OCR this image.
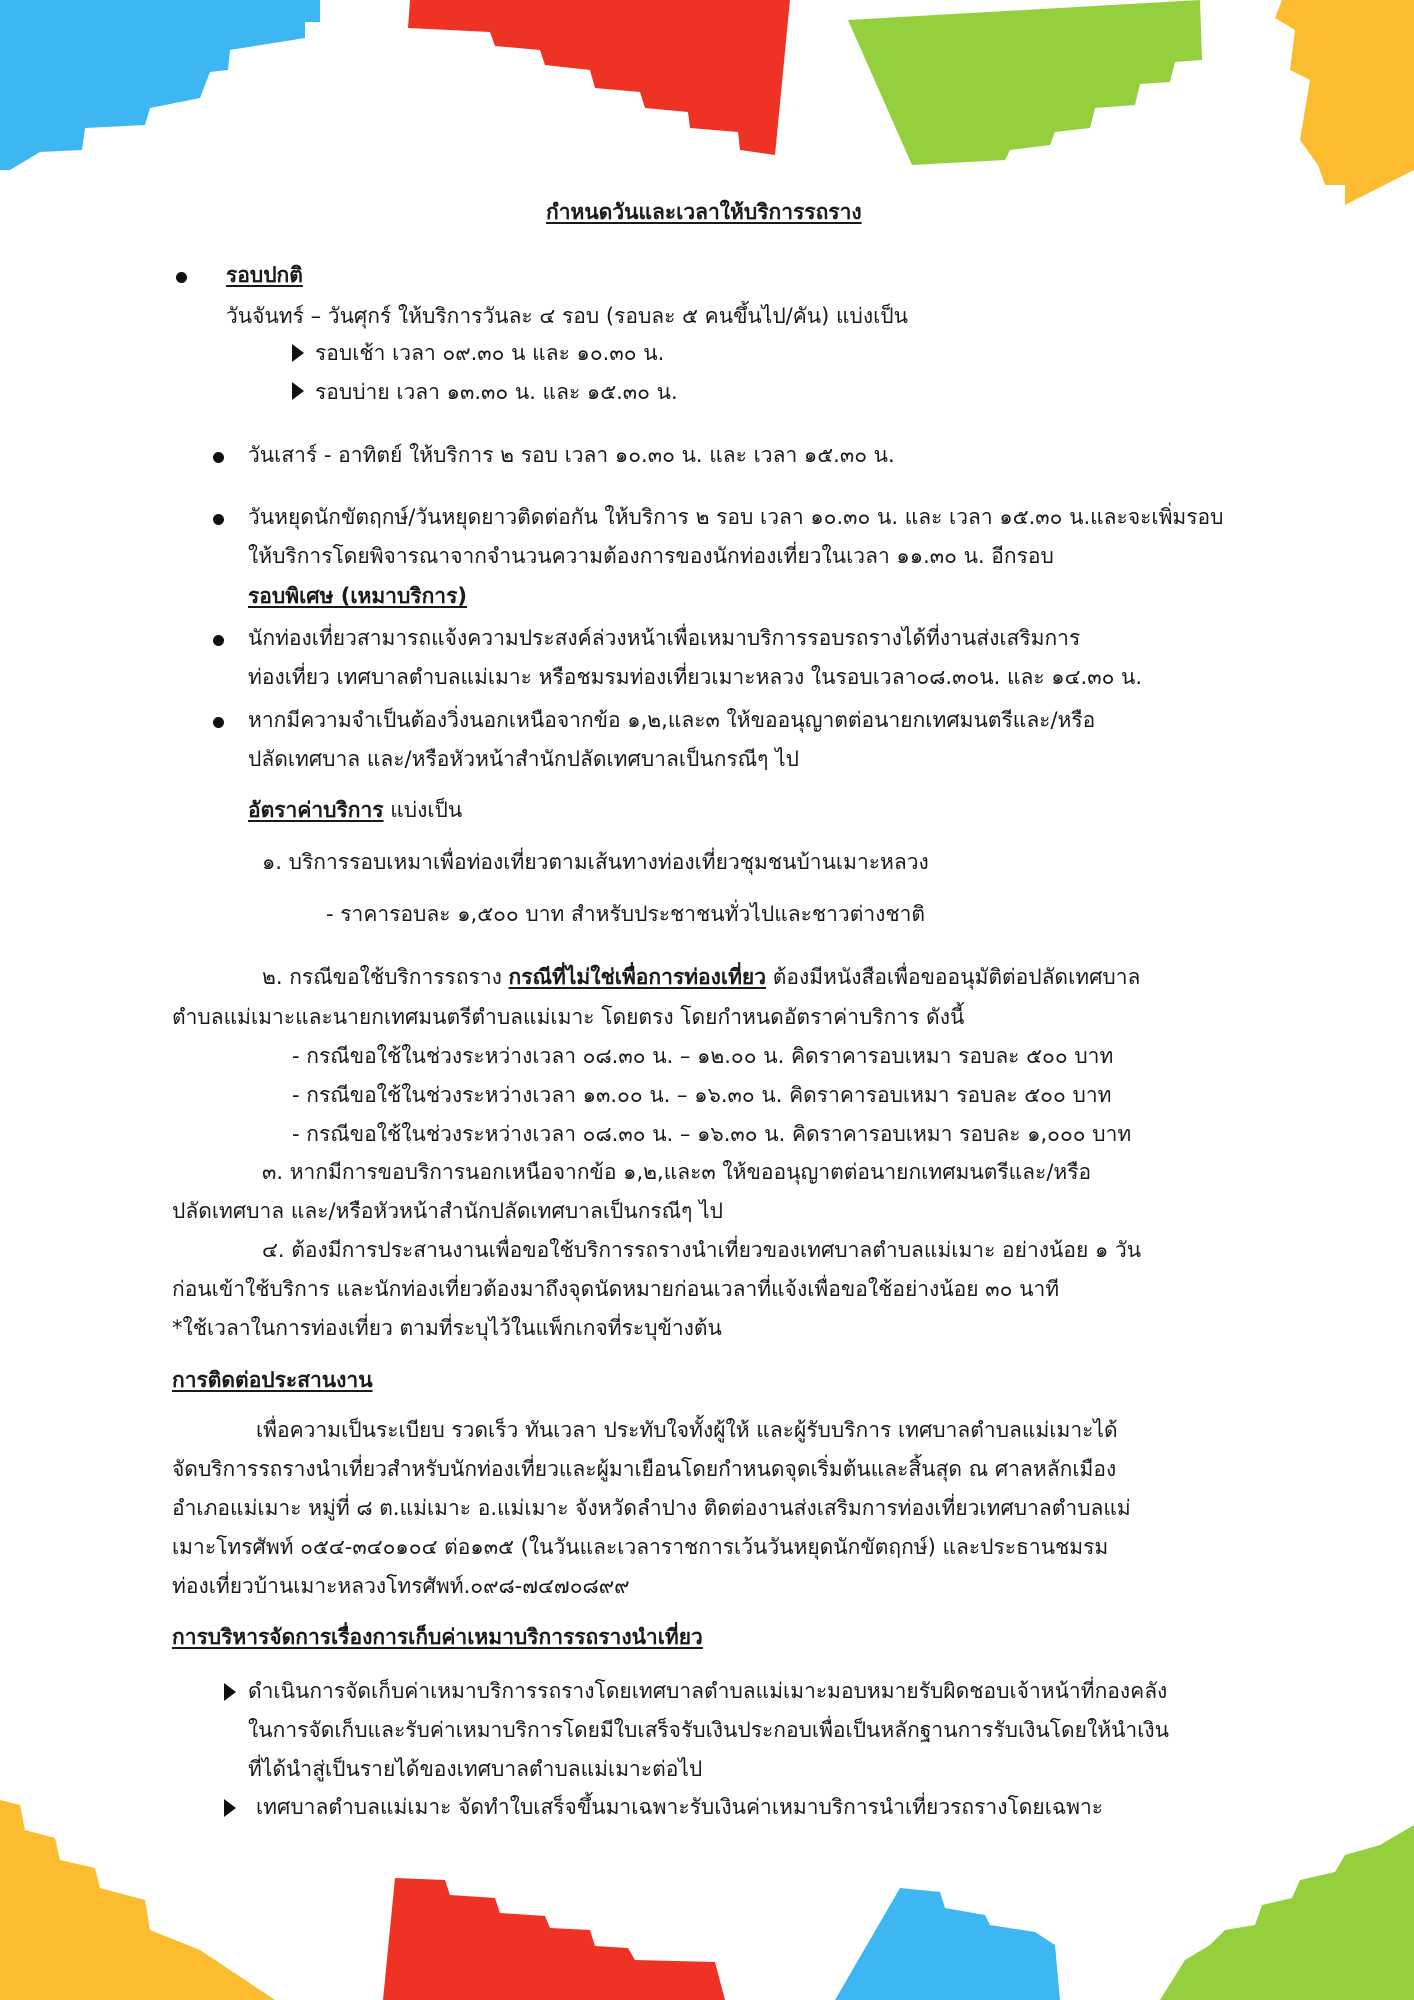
กำหนดวันและเวลาให้บริการรถราง
รอบปกติ
วันจันทร์ – วันศุกร์ ให้บริการวันละ ๔ รอบ (รอบละ ๕ คนขึ้นไป/คัน) แบ่งเป็น
รอบเช้า เวลา ๐๙.๓๐ น และ ๑๐.๓๐ น.
รอบบ่าย เวลา ๑๓.๓๐ น. และ ๑๕.๓๐ น.
วันเสาร์ - อาทิตย์ ให้บริการ ๒ รอบ เวลา ๑๐.๓๐ น. และ เวลา ๑๕.๓๐ น.
วันหยุดนักขัตฤกษ์/วันหยุดยาวติดต่อกัน ให้บริการ ๒ รอบ เวลา ๑๐.๓๐ น. และ เวลา ๑๕.๓๐ น.และจะเพิ่มรอบ
ให้บริการโดยพิจารณาจากจำนวนความต้องการของนักท่องเที่ยวในเวลา ๑๑.๓๐ น. อีกรอบ
รอบพิเศษ (เหมาบริการ)
นักท่องเที่ยวสามารถแจ้งความประสงค์ล่วงหน้าเพื่อเหมาบริการรอบรถรางได้ที่งานส่งเสริมการ
ท่องเที่ยว เทศบาลตำบลแม่เมาะ หรือชมรมท่องเที่ยวเมาะหลวง ในรอบเวลา๐๘.๓๐น. และ ๑๔.๓๐ น.
หากมีความจำเป็นต้องวิ่งนอกเหนือจากข้อ ๑,๒,และ๓ ให้ขออนุญาตต่อนายกเทศมนตรีและ/หรือ
ปลัดเทศบาล และ/หรือหัวหน้าสำนักปลัดเทศบาลเป็นกรณีๆ ไป
อัตราค่าบริการ แบ่งเป็น
๑. บริการรอบเหมาเพื่อท่องเที่ยวตามเส้นทางท่องเที่ยวชุมชนบ้านเมาะหลวง
- ราคารอบละ ๑,๕๐๐ บาท สำหรับประชาชนทั่วไปและชาวต่างชาติ
๒. กรณีขอใช้บริการรถราง กรณีที่ไม่ใช่เพื่อการท่องเที่ยว ต้องมีหนังสือเพื่อขออนุมัติต่อปลัดเทศบาล
ตำบลแม่เมาะและนายกเทศมนตรีตำบลแม่เมาะ โดยตรง โดยกำหนดอัตราค่าบริการ ดังนี้
- กรณีขอใช้ในช่วงระหว่างเวลา ๐๘.๓๐ น. – ๑๒.๐๐ น. คิดราคารอบเหมา รอบละ ๕๐๐ บาท
- กรณีขอใช้ในช่วงระหว่างเวลา ๑๓.๐๐ น. – ๑๖.๓๐ น. คิดราคารอบเหมา รอบละ ๕๐๐ บาท
- กรณีขอใช้ในช่วงระหว่างเวลา ๐๘.๓๐ น. – ๑๖.๓๐ น. คิดราคารอบเหมา รอบละ ๑,๐๐๐ บาท
๓. หากมีการขอบริการนอกเหนือจากข้อ ๑,๒,และ๓ ให้ขออนุญาตต่อนายกเทศมนตรีและ/หรือ
ปลัดเทศบาล และ/หรือหัวหน้าสำนักปลัดเทศบาลเป็นกรณีๆ ไป
๔. ต้องมีการประสานงานเพื่อขอใช้บริการรถรางนำเที่ยวของเทศบาลตำบลแม่เมาะ อย่างน้อย ๑ วัน
ก่อนเข้าใช้บริการ และนักท่องเที่ยวต้องมาถึงจุดนัดหมายก่อนเวลาที่แจ้งเพื่อขอใช้อย่างน้อย ๓๐ นาที
*ใช้เวลาในการท่องเที่ยว ตามที่ระบุไว้ในแพ็กเกจที่ระบุข้างต้น
การติดต่อประสานงาน
เพื่อความเป็นระเบียบ รวดเร็ว ทันเวลา ประทับใจทั้งผู้ให้ และผู้รับบริการ เทศบาลตำบลแม่เมาะได้
จัดบริการรถรางนำเที่ยวสำหรับนักท่องเที่ยวและผู้มาเยือนโดยกำหนดจุดเริ่มต้นและสิ้นสุด ณ ศาลหลักเมือง
อำเภอแม่เมาะ หมู่ที่ ๘ ต.แม่เมาะ อ.แม่เมาะ จังหวัดลำปาง ติดต่องานส่งเสริมการท่องเที่ยวเทศบาลตำบลแม่
เมาะโทรศัพท์ ๐๕๔-๓๔๐๑๐๔ ต่อ๑๓๕ (ในวันและเวลาราชการเว้นวันหยุดนักขัตฤกษ์) และประธานชมรม
ท่องเที่ยวบ้านเมาะหลวงโทรศัพท์.๐๙๘-๗๔๗๐๘๙๙
การบริหารจัดการเรื่องการเก็บค่าเหมาบริการรถรางนำเที่ยว
ดำเนินการจัดเก็บค่าเหมาบริการรถรางโดยเทศบาลตำบลแม่เมาะมอบหมายรับผิดชอบเจ้าหน้าที่กองคลัง
ในการจัดเก็บและรับค่าเหมาบริการโดยมีใบเสร็จรับเงินประกอบเพื่อเป็นหลักฐานการรับเงินโดยให้นำเงิน
ที่ได้นำสู่เป็นรายได้ของเทศบาลตำบลแม่เมาะต่อไป
เทศบาลตำบลแม่เมาะ จัดทำใบเสร็จขึ้นมาเฉพาะรับเงินค่าเหมาบริการนำเที่ยวรถรางโดยเฉพาะ
